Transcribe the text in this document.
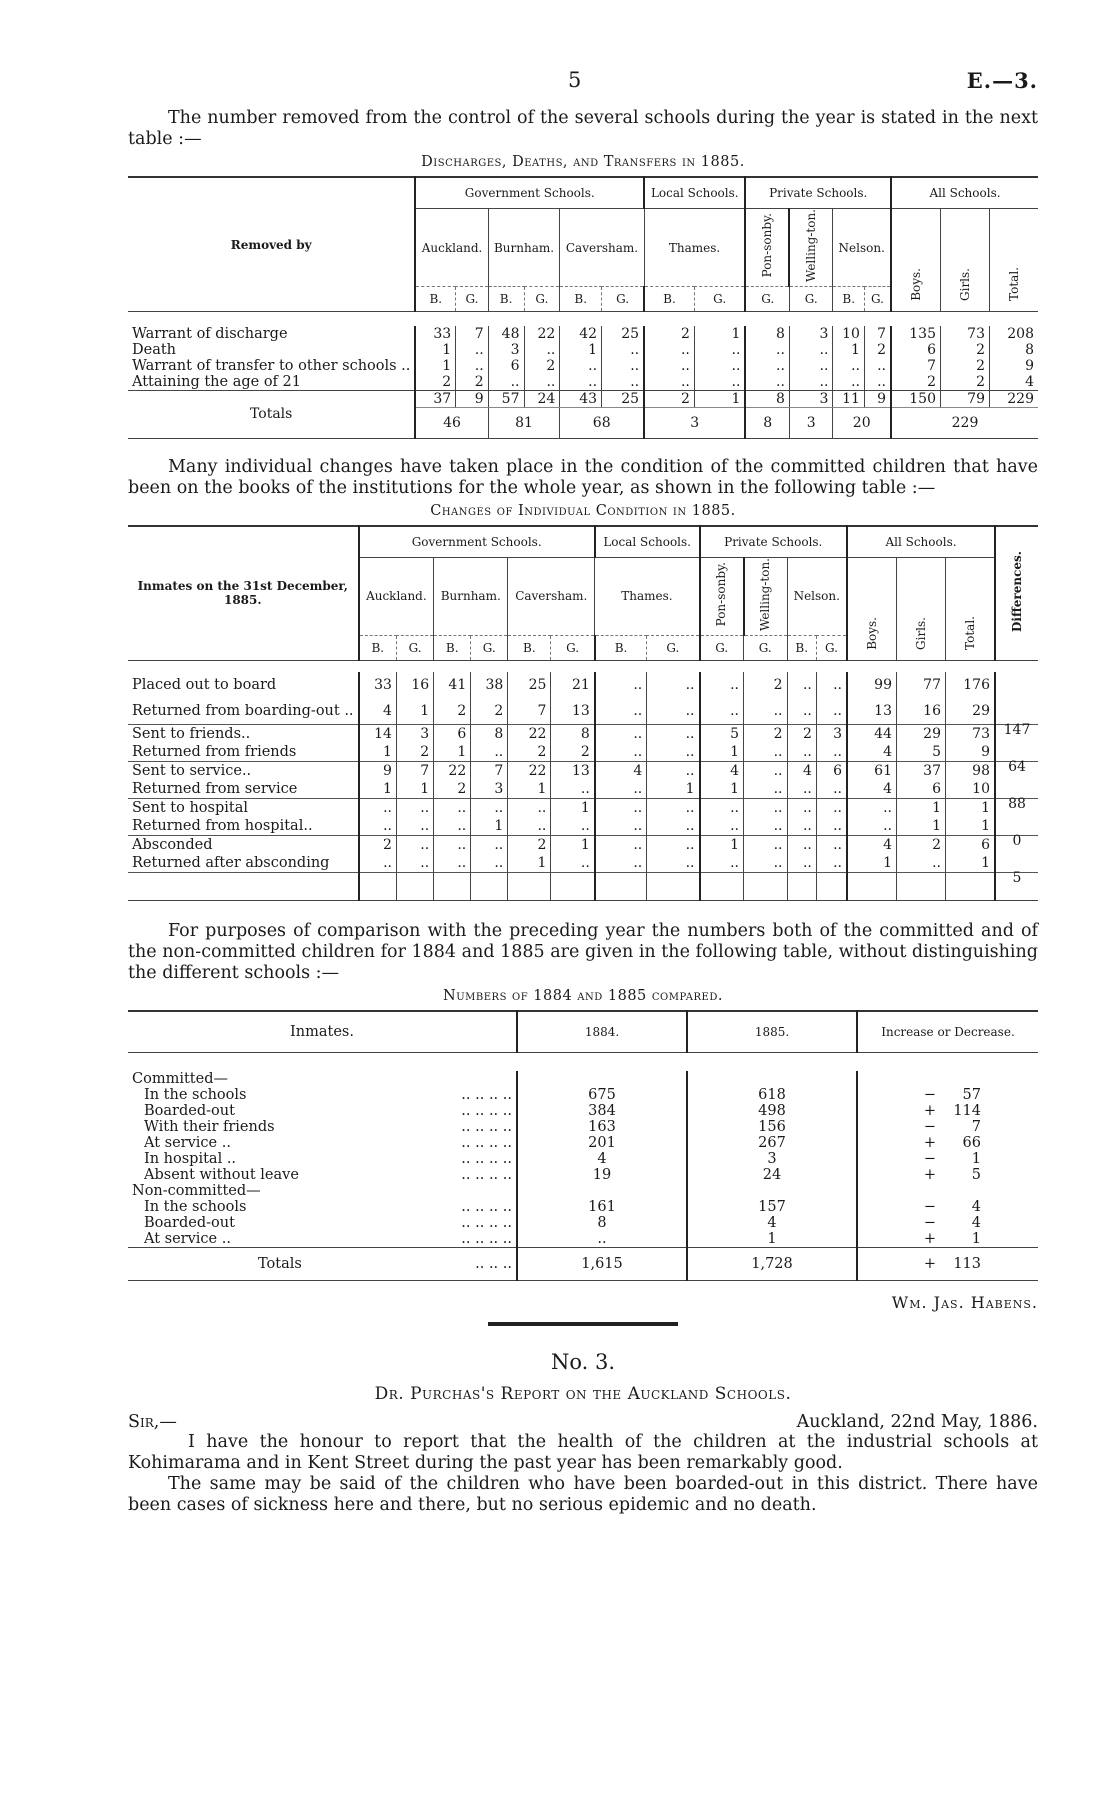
5	E.—3.

The number removed from the control of the several schools during the year is stated in the next table :—

Discharges, Deaths, and Transfers in 1885.
Removed by	Government Schools.						Local Schools.		Private Schools.				All Schools.		
	Auckland.		Burnham.		Caversham.		Thames.		Pon-sonby.	Welling-ton.	Nelson.		Boys.	Girls.	Total.
	B.	G.	B.	G.	B.	G.	B.	G.	G.	G.	B.	G.			

Warrant of discharge	33	7	48	22	42	25	2	1	8	3	10	7	135	73	208
Death	1	..	3	..	1	..	..	..	..	..	1	2	6	2	8
Warrant of transfer to other schools ..	1	..	6	2	..	..	..	..	..	..	..	..	7	2	9
Attaining the age of 21	2	2	..	..	..	..	..	..	..	..	..	..	2	2	4
Totals	37	9	57	24	43	25	2	1	8	3	11	9	150	79	229
	46		81		68		3		8	3	20		229		

Many individual changes have taken place in the condition of the committed children that have been on the books of the institutions for the whole year, as shown in the following table :—

Changes of Individual Condition in 1885.
Inmates on the 31st December, 1885.	Government Schools.						Local Schools.		Private Schools.				All Schools.			Differences.
	Auckland.		Burnham.		Caversham.		Thames.		Pon-sonby.	Welling-ton.	Nelson.		Boys.	Girls.	Total.	
	B.	G.	B.	G.	B.	G.	B.	G.	G.	G.	B.	G.				

Placed out to board	33	16	41	38	25	21	..	..	..	2	..	..	99	77	176	147
Returned from boarding-out ..	4	1	2	2	7	13	..	..	..	..	..	..	13	16	29	
Sent to friends..	14	3	6	8	22	8	..	..	5	2	2	3	44	29	73	64
Returned from friends	1	2	1	..	2	2	..	..	1	..	..	..	4	5	9	
Sent to service..	9	7	22	7	22	13	4	..	4	..	4	6	61	37	98	88
Returned from service	1	1	2	3	1	..	..	1	1	..	..	..	4	6	10	
Sent to hospital	..	..	..	..	..	1	..	..	..	..	..	..	..	1	1	0
Returned from hospital..	..	..	..	1	..	..	..	..	..	..	..	..	..	1	1	
Absconded	2	..	..	..	2	1	..	..	1	..	..	..	4	2	6	5
Returned after absconding	..	..	..	..	1	..	..	..	..	..	..	..	1	..	1	

For purposes of comparison with the preceding year the numbers both of the committed and of the non-committed children for 1884 and 1885 are given in the following table, without distinguishing the different schools :—

Numbers of 1884 and 1885 compared.
Inmates.	1884.	1885.	Increase or Decrease.

Committed—			

In the schools	.. .. .. ..	675	618	− 57

Boarded-out	.. .. .. ..	384	498	+ 114

With their friends	.. .. .. ..	163	156	− 7

At service ..	.. .. .. ..	201	267	+ 66

In hospital ..	.. .. .. ..	4	3	− 1

Absent without leave	.. .. .. ..	19	24	+ 5
Non-committed—			

In the schools	.. .. .. ..	161	157	− 4

Boarded-out	.. .. .. ..	8	4	− 4

At service ..	.. .. .. ..	..	1	+ 1
Totals .. .. ..	1,615	1,728	+ 113
Wm. Jas. Habens.
No. 3.
Dr. Purchas's Report on the Auckland Schools.
Sir,—	Auckland, 22nd May, 1886.

I have the honour to report that the health of the children at the industrial schools at Kohimarama and in Kent Street during the past year has been remarkably good.

The same may be said of the children who have been boarded-out in this district. There have been cases of sickness here and there, but no serious epidemic and no death.
